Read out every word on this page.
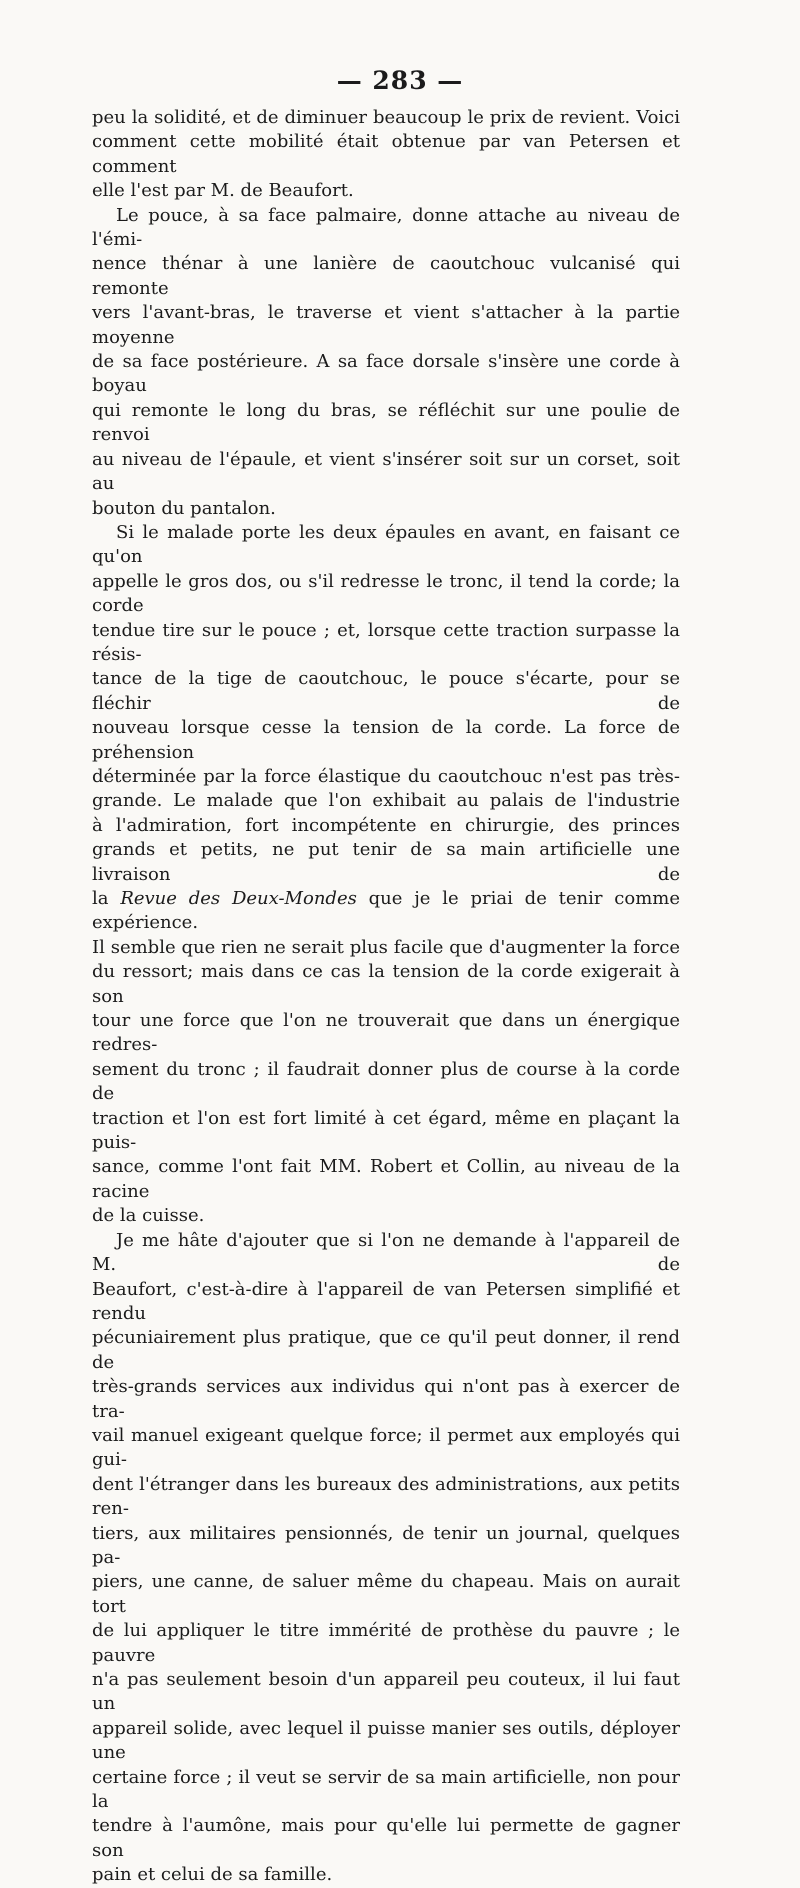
— 283 —

peu la solidité, et de diminuer beaucoup le prix de revient. Voici

comment cette mobilité était obtenue par van Petersen et comment

elle l'est par M. de Beaufort.

Le pouce, à sa face palmaire, donne attache au niveau de l'émi-

nence thénar à une lanière de caoutchouc vulcanisé qui remonte

vers l'avant-bras, le traverse et vient s'attacher à la partie moyenne

de sa face postérieure. A sa face dorsale s'insère une corde à boyau

qui remonte le long du bras, se réfléchit sur une poulie de renvoi

au niveau de l'épaule, et vient s'insérer soit sur un corset, soit au

bouton du pantalon.

Si le malade porte les deux épaules en avant, en faisant ce qu'on

appelle le gros dos, ou s'il redresse le tronc, il tend la corde; la corde

tendue tire sur le pouce ; et, lorsque cette traction surpasse la résis-

tance de la tige de caoutchouc, le pouce s'écarte, pour se fléchir de

nouveau lorsque cesse la tension de la corde. La force de préhension

déterminée par la force élastique du caoutchouc n'est pas très-

grande. Le malade que l'on exhibait au palais de l'industrie

à l'admiration, fort incompétente en chirurgie, des princes

grands et petits, ne put tenir de sa main artificielle une livraison de

la Revue des Deux-Mondes que je le priai de tenir comme expérience.

Il semble que rien ne serait plus facile que d'augmenter la force

du ressort; mais dans ce cas la tension de la corde exigerait à son

tour une force que l'on ne trouverait que dans un énergique redres-

sement du tronc ; il faudrait donner plus de course à la corde de

traction et l'on est fort limité à cet égard, même en plaçant la puis-

sance, comme l'ont fait MM. Robert et Collin, au niveau de la racine

de la cuisse.

Je me hâte d'ajouter que si l'on ne demande à l'appareil de M. de

Beaufort, c'est-à-dire à l'appareil de van Petersen simplifié et rendu

pécuniairement plus pratique, que ce qu'il peut donner, il rend de

très-grands services aux individus qui n'ont pas à exercer de tra-

vail manuel exigeant quelque force; il permet aux employés qui gui-

dent l'étranger dans les bureaux des administrations, aux petits ren-

tiers, aux militaires pensionnés, de tenir un journal, quelques pa-

piers, une canne, de saluer même du chapeau. Mais on aurait tort

de lui appliquer le titre immérité de prothèse du pauvre ; le pauvre

n'a pas seulement besoin d'un appareil peu couteux, il lui faut un

appareil solide, avec lequel il puisse manier ses outils, déployer une

certaine force ; il veut se servir de sa main artificielle, non pour la

tendre à l'aumône, mais pour qu'elle lui permette de gagner son

pain et celui de sa famille.
